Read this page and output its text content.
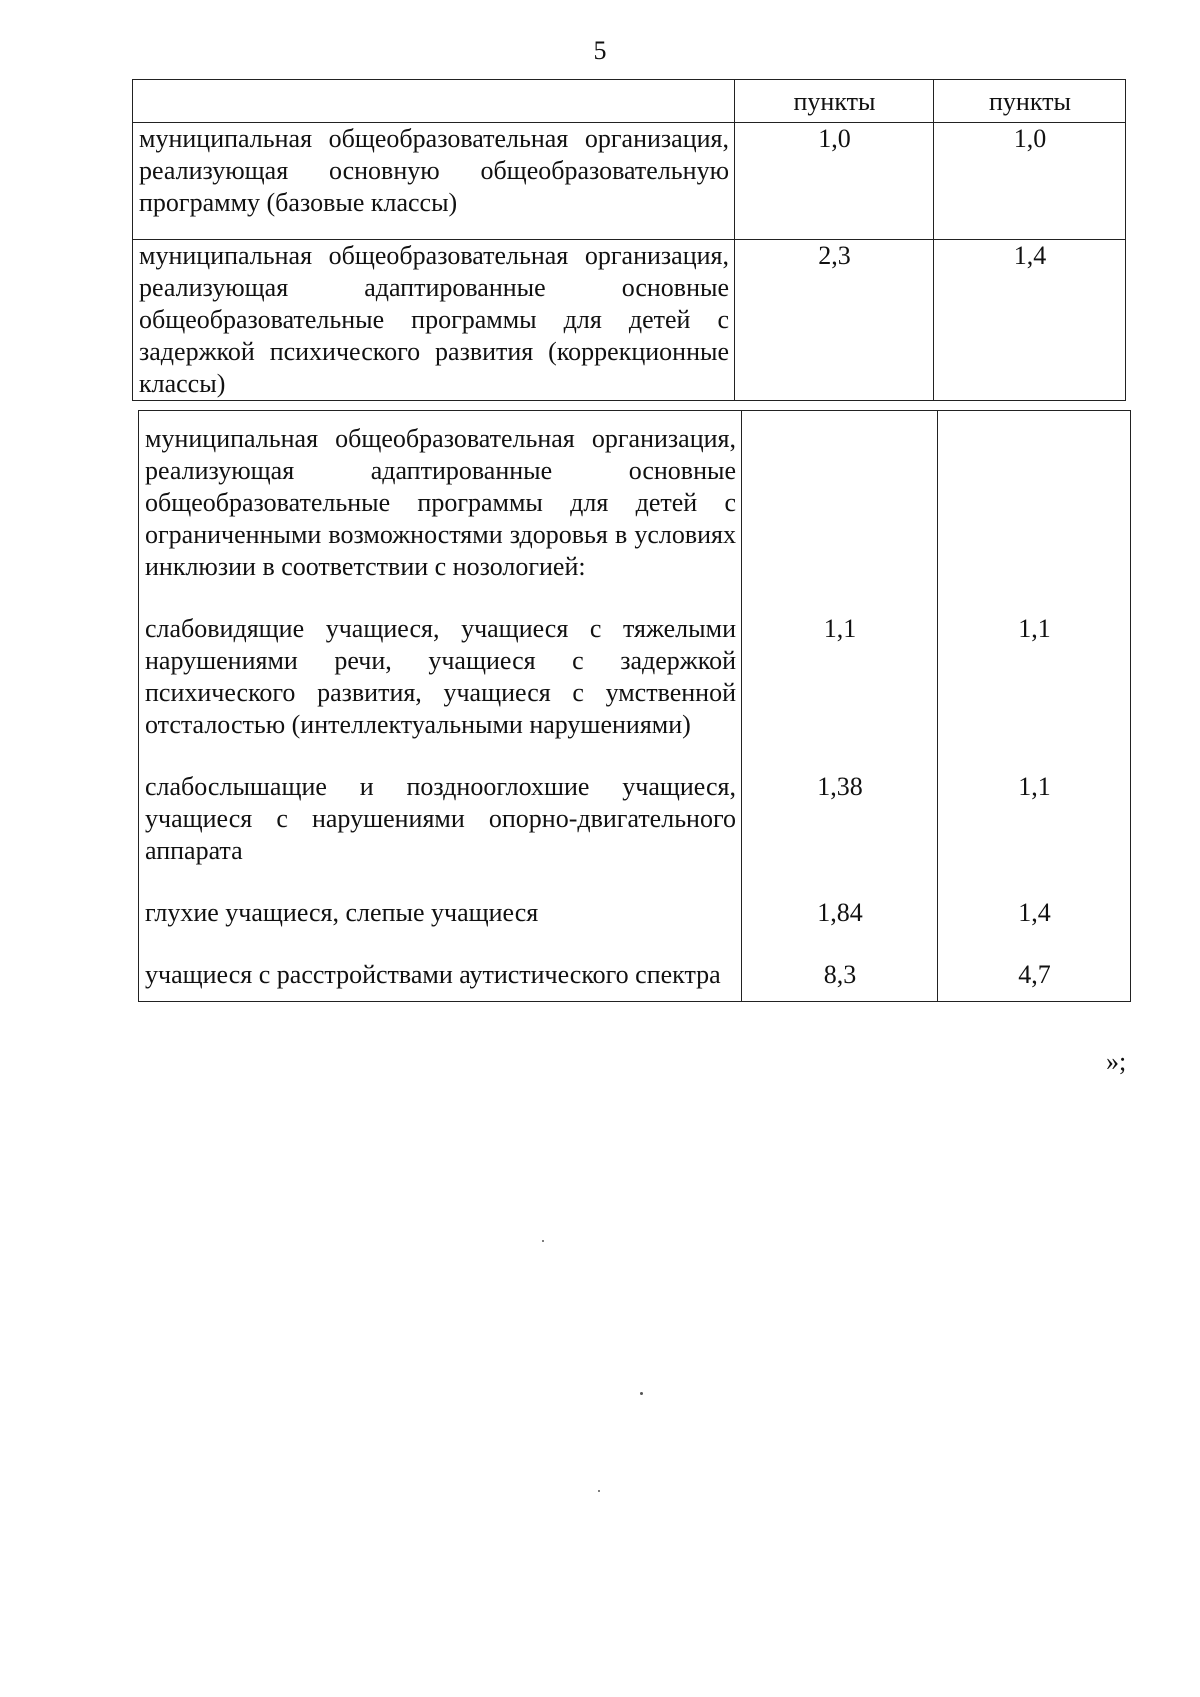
5
	пункты	пункты
муниципальная общеобразовательная организация, реализующая основную общеобразовательную программу (базовые классы)	1,0	1,0
муниципальная общеобразовательная организация, реализующая адаптированные основные общеобразовательные программы для детей с задержкой психического развития (коррекционные классы)	2,3	1,4
муниципальная общеобразовательная организация, реализующая адаптированные основные общеобразовательные программы для детей с ограниченными возможностями здоровья в условиях инклюзии в соответствии с нозологией:		
слабовидящие учащиеся, учащиеся с тяжелыми нарушениями речи, учащиеся с задержкой психического развития, учащиеся с умственной отсталостью (интеллектуальными нарушениями)	1,1	1,1
слабослышащие и позднооглохшие учащиеся, учащиеся с нарушениями опорно-двигательного аппарата	1,38	1,1
глухие учащиеся, слепые учащиеся	1,84	1,4
учащиеся с расстройствами аутистического спектра	8,3	4,7
»;
